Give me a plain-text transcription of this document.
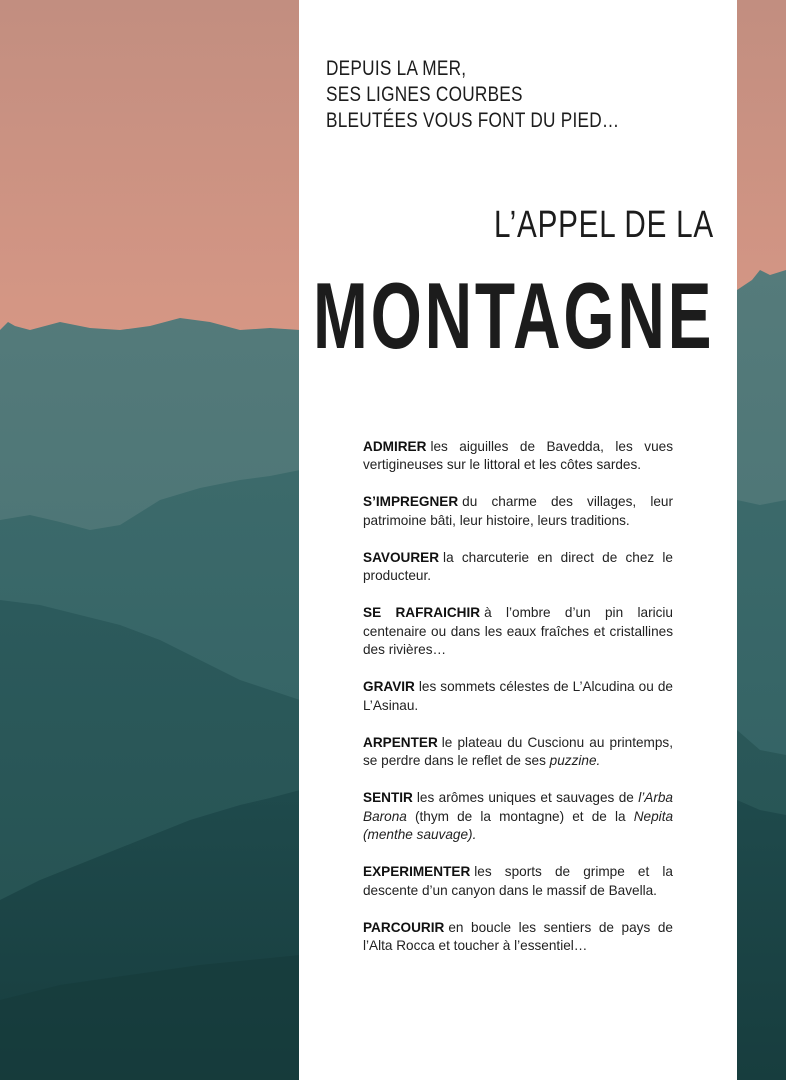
DEPUIS LA MER,
SES LIGNES COURBES
BLEUTÉES VOUS FONT DU PIED…
L’APPEL DE LA
MONTAGNE

ADMIRER les aiguilles de Bavedda, les vues vertigineuses sur le littoral et les côtes sardes.

S’IMPREGNER du charme des villages, leur patrimoine bâti, leur histoire, leurs traditions.

SAVOURER la charcuterie en direct de chez le producteur.

SE RAFRAICHIR à l’ombre d’un pin lariciu centenaire ou dans les eaux fraîches et cristallines des rivières…

GRAVIR les sommets célestes de L’Alcudina ou de L’Asinau.

ARPENTER le plateau du Cuscionu au printemps, se perdre dans le reflet de ses puzzine.

SENTIR les arômes uniques et sauvages de l’Arba Barona (thym de la montagne) et de la Nepita (menthe sauvage).

EXPERIMENTER les sports de grimpe et la descente d’un canyon dans le massif de Bavella.

PARCOURIR en boucle les sentiers de pays de l’Alta Rocca et toucher à l’essentiel…
